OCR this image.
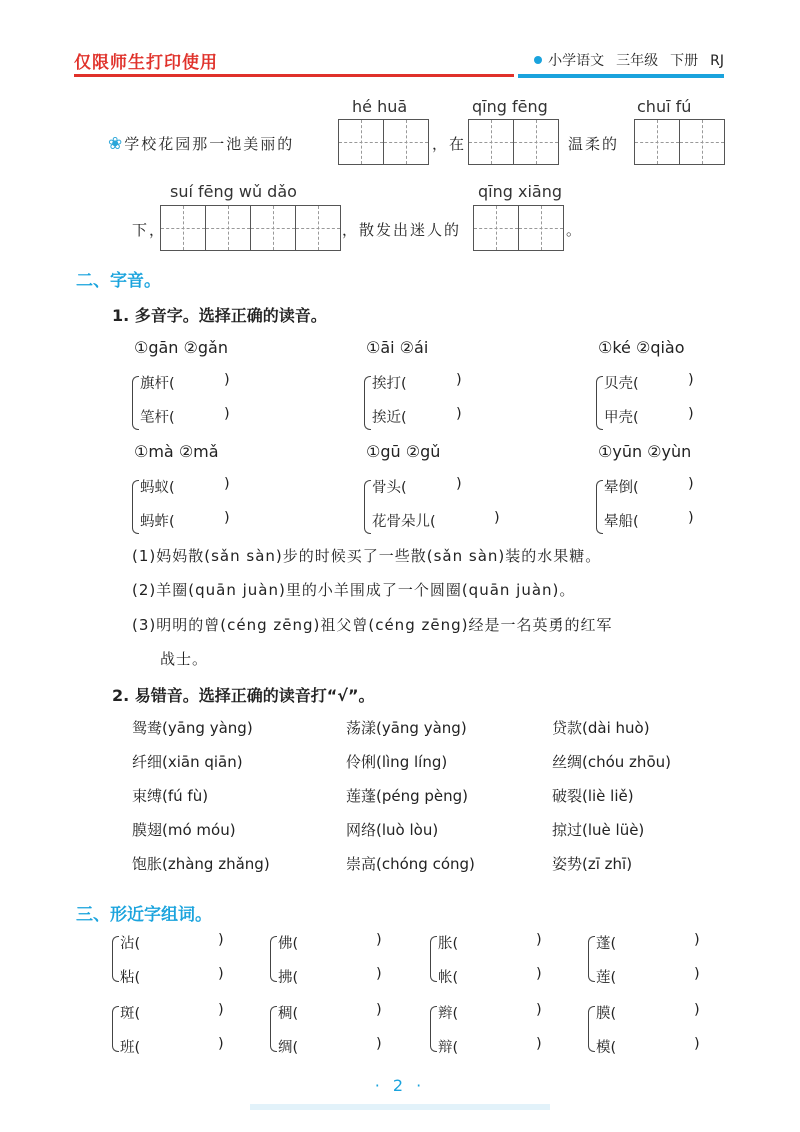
仅限师生打印使用	小学语文 三年级 下册 RJ
hé huā	qīng fēng	chuī fú
❀学校花园那一池美丽的	，在	温柔的
suí fēng wǔ dǎo	qīng xiāng
下，	，散发出迷人的	。
二、字音。
1. 多音字。选择正确的读音。
①gān ②gǎn	①āi ②ái	①ké ②qiào
旗杆(	)
笔杆(	)
挨打(	)
挨近(	)
贝壳(	)
甲壳(	)
①mà ②mǎ	①gū ②gǔ	①yūn ②yùn
蚂蚁(	)
蚂蚱(	)
骨头(	)
花骨朵儿(	)
晕倒(	)
晕船(	)
(1)妈妈散(sǎn sàn)步的时候买了一些散(sǎn sàn)装的水果糖。
(2)羊圈(quān juàn)里的小羊围成了一个圆圈(quān juàn)。
(3)明明的曾(céng zēng)祖父曾(céng zēng)经是一名英勇的红军
战士。
2. 易错音。选择正确的读音打“√”。
鸳鸯(yāng yàng)	荡漾(yāng yàng)	贷款(dài huò)
纤细(xiān qiān)	伶俐(lìng líng)	丝绸(chóu zhōu)
束缚(fú fù)	莲蓬(péng pèng)	破裂(liè liě)
膜翅(mó móu)	网络(luò lòu)	掠过(luè lüè)
饱胀(zhàng zhǎng)	崇高(chóng cóng)	姿势(zī zhī)
三、形近字组词。
沾(	)
粘(	)
佛(	)
拂(	)
胀(	)
帐(	)
蓬(	)
莲(	)
斑(	)
班(	)
稠(	)
绸(	)
辫(	)
辩(	)
膜(	)
模(	)
· 2 ·
